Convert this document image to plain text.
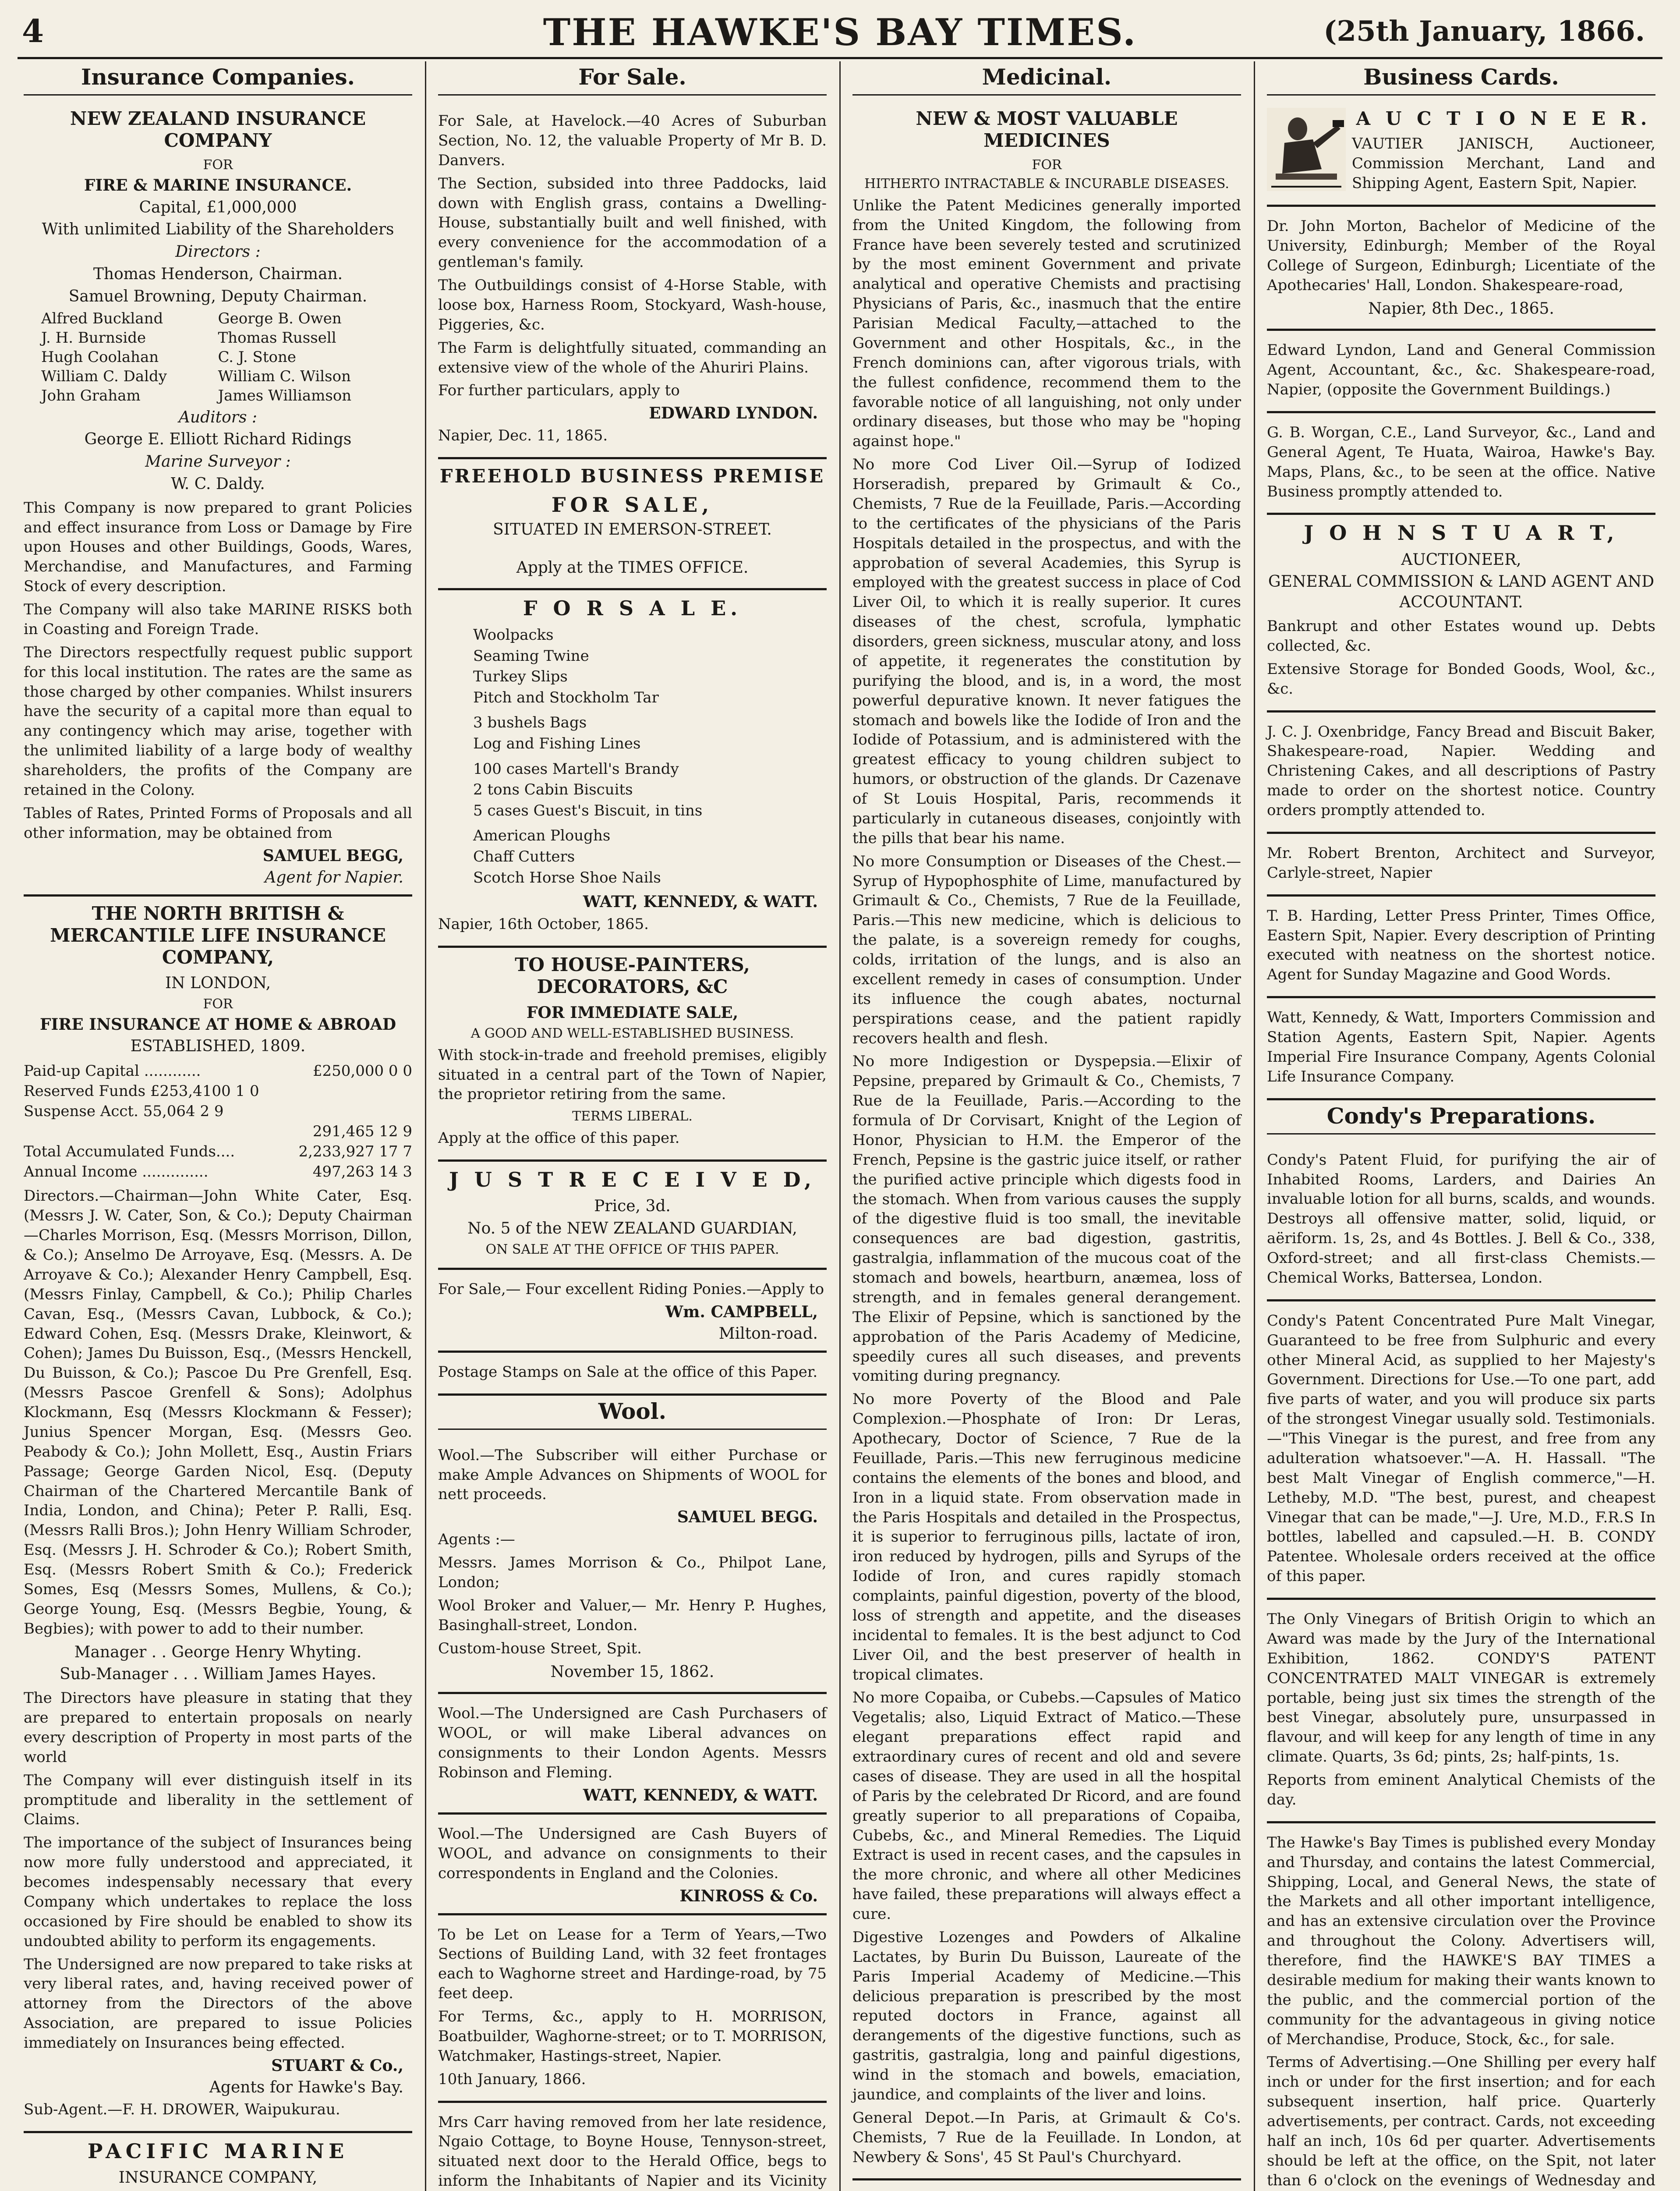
4	THE HAWKE'S BAY TIMES.	(25th January, 1866.
Insurance Companies.
NEW ZEALAND INSURANCE COMPANY
FOR
FIRE & MARINE INSURANCE.
Capital, £1,000,000
With unlimited Liability of the Shareholders
Directors :
Thomas Henderson, Chairman.
Samuel Browning, Deputy Chairman.
Alfred Buckland	George B. Owen
J. H. Burnside	Thomas Russell
Hugh Coolahan	C. J. Stone
William C. Daldy	William C. Wilson
John Graham	James Williamson
Auditors :
George E. Elliott Richard Ridings
Marine Surveyor :
W. C. Daldy.

This Company is now prepared to grant Policies and effect insurance from Loss or Damage by Fire upon Houses and other Buildings, Goods, Wares, Merchandise, and Manufactures, and Farming Stock of every description.

The Company will also take MARINE RISKS both in Coasting and Foreign Trade.

The Directors respectfully request public support for this local institution. The rates are the same as those charged by other companies. Whilst insurers have the security of a capital more than equal to any contingency which may arise, together with the unlimited liability of a large body of wealthy shareholders, the profits of the Company are retained in the Colony.

Tables of Rates, Printed Forms of Proposals and all other information, may be obtained from

SAMUEL BEGG,
Agent for Napier.
THE NORTH BRITISH & MERCANTILE LIFE INSURANCE COMPANY,
IN LONDON,
FOR
FIRE INSURANCE AT HOME & ABROAD
ESTABLISHED, 1809.
Paid-up Capital ............	£250,000 0 0
Reserved Funds £253,4100 1 0
Suspense Acct. 55,064 2 9
291,465 12 9
Total Accumulated Funds....	2,233,927 17 7
Annual Income ..............	497,263 14 3

Directors.—Chairman—John White Cater, Esq. (Messrs J. W. Cater, Son, & Co.); Deputy Chairman—Charles Morrison, Esq. (Messrs Morrison, Dillon, & Co.); Anselmo De Arroyave, Esq. (Messrs. A. De Arroyave & Co.); Alexander Henry Campbell, Esq. (Messrs Finlay, Campbell, & Co.); Philip Charles Cavan, Esq., (Messrs Cavan, Lubbock, & Co.); Edward Cohen, Esq. (Messrs Drake, Kleinwort, & Cohen); James Du Buisson, Esq., (Messrs Henckell, Du Buisson, & Co.); Pascoe Du Pre Grenfell, Esq. (Messrs Pascoe Grenfell & Sons); Adolphus Klockmann, Esq (Messrs Klockmann & Fesser); Junius Spencer Morgan, Esq. (Messrs Geo. Peabody & Co.); John Mollett, Esq., Austin Friars Passage; George Garden Nicol, Esq. (Deputy Chairman of the Chartered Mercantile Bank of India, London, and China); Peter P. Ralli, Esq. (Messrs Ralli Bros.); John Henry William Schroder, Esq. (Messrs J. H. Schroder & Co.); Robert Smith, Esq. (Messrs Robert Smith & Co.); Frederick Somes, Esq (Messrs Somes, Mullens, & Co.); George Young, Esq. (Messrs Begbie, Young, & Begbies); with power to add to their number.

Manager . . George Henry Whyting.
Sub-Manager . . . William James Hayes.

The Directors have pleasure in stating that they are prepared to entertain proposals on nearly every description of Property in most parts of the world

The Company will ever distinguish itself in its promptitude and liberality in the settlement of Claims.

The importance of the subject of Insurances being now more fully understood and appreciated, it becomes indespensably necessary that every Company which undertakes to replace the loss occasioned by Fire should be enabled to show its undoubted ability to perform its engagements.

The Undersigned are now prepared to take risks at very liberal rates, and, having received power of attorney from the Directors of the above Association, are prepared to issue Policies immediately on Insurances being effected.

STUART & Co.,
Agents for Hawke's Bay.
Sub-Agent.—F. H. DROWER, Waipukurau.
PACIFIC MARINE
INSURANCE COMPANY,

For Sale.

For Sale, at Havelock.—40 Acres of Suburban Section, No. 12, the valuable Property of Mr B. D. Danvers.

The Section, subsided into three Paddocks, laid down with English grass, contains a Dwelling-House, substantially built and well finished, with every convenience for the accommodation of a gentleman's family.

The Outbuildings consist of 4-Horse Stable, with loose box, Harness Room, Stockyard, Wash-house, Piggeries, &c.

The Farm is delightfully situated, commanding an extensive view of the whole of the Ahuriri Plains.

For further particulars, apply to

EDWARD LYNDON.
Napier, Dec. 11, 1865.
FREEHOLD BUSINESS PREMISE
FOR SALE,
SITUATED IN EMERSON-STREET.
Apply at the TIMES OFFICE.
F O R S A L E.
Woolpacks
Seaming Twine
Turkey Slips
Pitch and Stockholm Tar
3 bushels Bags
Log and Fishing Lines
100 cases Martell's Brandy
2 tons Cabin Biscuits
5 cases Guest's Biscuit, in tins
American Ploughs
Chaff Cutters
Scotch Horse Shoe Nails
WATT, KENNEDY, & WATT.
Napier, 16th October, 1865.
TO HOUSE-PAINTERS, DECORATORS, &C
FOR IMMEDIATE SALE,
A GOOD AND WELL-ESTABLISHED BUSINESS.

With stock-in-trade and freehold premises, eligibly situated in a central part of the Town of Napier, the proprietor retiring from the same.

TERMS LIBERAL.
Apply at the office of this paper.
J U S T R E C E I V E D,
Price, 3d.
No. 5 of the NEW ZEALAND GUARDIAN,
ON SALE AT THE OFFICE OF THIS PAPER.

For Sale,— Four excellent Riding Ponies.—Apply to

Wm. CAMPBELL,
Milton-road.

Postage Stamps on Sale at the office of this Paper.

Wool.

Wool.—The Subscriber will either Purchase or make Ample Advances on Shipments of WOOL for nett proceeds.

SAMUEL BEGG.
Agents :—
Messrs. James Morrison & Co., Philpot Lane, London;
Wool Broker and Valuer,— Mr. Henry P. Hughes, Basinghall-street, London.
Custom-house Street, Spit.
November 15, 1862.

Wool.—The Undersigned are Cash Purchasers of WOOL, or will make Liberal advances on consignments to their London Agents. Messrs Robinson and Fleming.

WATT, KENNEDY, & WATT.

Wool.—The Undersigned are Cash Buyers of WOOL, and advance on consignments to their correspondents in England and the Colonies.

KINROSS & Co.

To be Let on Lease for a Term of Years,—Two Sections of Building Land, with 32 feet frontages each to Waghorne street and Hardinge-road, by 75 feet deep.

For Terms, &c., apply to H. MORRISON, Boatbuilder, Waghorne-street; or to T. MORRISON, Watchmaker, Hastings-street, Napier.

10th January, 1866.

Mrs Carr having removed from her late residence, Ngaio Cottage, to Boyne House, Tennyson-street, situated next door to the Herald Office, begs to inform the Inhabitants of Napier and its Vicinity

Medicinal.
NEW & MOST VALUABLE MEDICINES
FOR
HITHERTO INTRACTABLE & INCURABLE DISEASES.

Unlike the Patent Medicines generally imported from the United Kingdom, the following from France have been severely tested and scrutinized by the most eminent Government and private analytical and operative Chemists and practising Physicians of Paris, &c., inasmuch that the entire Parisian Medical Faculty,—attached to the Government and other Hospitals, &c., in the French dominions can, after vigorous trials, with the fullest confidence, recommend them to the favorable notice of all languishing, not only under ordinary diseases, but those who may be "hoping against hope."

No more Cod Liver Oil.—Syrup of Iodized Horseradish, prepared by Grimault & Co., Chemists, 7 Rue de la Feuillade, Paris.—According to the certificates of the physicians of the Paris Hospitals detailed in the prospectus, and with the approbation of several Academies, this Syrup is employed with the greatest success in place of Cod Liver Oil, to which it is really superior. It cures diseases of the chest, scrofula, lymphatic disorders, green sickness, muscular atony, and loss of appetite, it regenerates the constitution by purifying the blood, and is, in a word, the most powerful depurative known. It never fatigues the stomach and bowels like the Iodide of Iron and the Iodide of Potassium, and is administered with the greatest efficacy to young children subject to humors, or obstruction of the glands. Dr Cazenave of St Louis Hospital, Paris, recommends it particularly in cutaneous diseases, conjointly with the pills that bear his name.

No more Consumption or Diseases of the Chest.—Syrup of Hypophosphite of Lime, manufactured by Grimault & Co., Chemists, 7 Rue de la Feuillade, Paris.—This new medicine, which is delicious to the palate, is a sovereign remedy for coughs, colds, irritation of the lungs, and is also an excellent remedy in cases of consumption. Under its influence the cough abates, nocturnal perspirations cease, and the patient rapidly recovers health and flesh.

No more Indigestion or Dyspepsia.—Elixir of Pepsine, prepared by Grimault & Co., Chemists, 7 Rue de la Feuillade, Paris.—According to the formula of Dr Corvisart, Knight of the Legion of Honor, Physician to H.M. the Emperor of the French, Pepsine is the gastric juice itself, or rather the purified active principle which digests food in the stomach. When from various causes the supply of the digestive fluid is too small, the inevitable consequences are bad digestion, gastritis, gastralgia, inflammation of the mucous coat of the stomach and bowels, heartburn, anæmea, loss of strength, and in females general derangement. The Elixir of Pepsine, which is sanctioned by the approbation of the Paris Academy of Medicine, speedily cures all such diseases, and prevents vomiting during pregnancy.

No more Poverty of the Blood and Pale Complexion.—Phosphate of Iron: Dr Leras, Apothecary, Doctor of Science, 7 Rue de la Feuillade, Paris.—This new ferruginous medicine contains the elements of the bones and blood, and Iron in a liquid state. From observation made in the Paris Hospitals and detailed in the Prospectus, it is superior to ferruginous pills, lactate of iron, iron reduced by hydrogen, pills and Syrups of the Iodide of Iron, and cures rapidly stomach complaints, painful digestion, poverty of the blood, loss of strength and appetite, and the diseases incidental to females. It is the best adjunct to Cod Liver Oil, and the best preserver of health in tropical climates.

No more Copaiba, or Cubebs.—Capsules of Matico Vegetalis; also, Liquid Extract of Matico.—These elegant preparations effect rapid and extraordinary cures of recent and old and severe cases of disease. They are used in all the hospital of Paris by the celebrated Dr Ricord, and are found greatly superior to all preparations of Copaiba, Cubebs, &c., and Mineral Remedies. The Liquid Extract is used in recent cases, and the capsules in the more chronic, and where all other Medicines have failed, these preparations will always effect a cure.

Digestive Lozenges and Powders of Alkaline Lactates, by Burin Du Buisson, Laureate of the Paris Imperial Academy of Medicine.—This delicious preparation is prescribed by the most reputed doctors in France, against all derangements of the digestive functions, such as gastritis, gastralgia, long and painful digestions, wind in the stomach and bowels, emaciation, jaundice, and complaints of the liver and loins.

General Depot.—In Paris, at Grimault & Co's. Chemists, 7 Rue de la Feuillade. In London, at Newbery & Sons', 45 St Paul's Churchyard.

Business Cards.
A U C T I O N E E R.

VAUTIER JANISCH, Auctioneer, Commission Merchant, Land and Shipping Agent, Eastern Spit, Napier.

Dr. John Morton, Bachelor of Medicine of the University, Edinburgh; Member of the Royal College of Surgeon, Edinburgh; Licentiate of the Apothecaries' Hall, London. Shakespeare-road,

Napier, 8th Dec., 1865.

Edward Lyndon, Land and General Commission Agent, Accountant, &c., &c. Shakespeare-road, Napier, (opposite the Government Buildings.)

G. B. Worgan, C.E., Land Surveyor, &c., Land and General Agent, Te Huata, Wairoa, Hawke's Bay. Maps, Plans, &c., to be seen at the office. Native Business promptly attended to.

J O H N S T U A R T,
AUCTIONEER,
GENERAL COMMISSION & LAND AGENT AND ACCOUNTANT.

Bankrupt and other Estates wound up. Debts collected, &c.

Extensive Storage for Bonded Goods, Wool, &c., &c.

J. C. J. Oxenbridge, Fancy Bread and Biscuit Baker, Shakespeare-road, Napier. Wedding and Christening Cakes, and all descriptions of Pastry made to order on the shortest notice. Country orders promptly attended to.

Mr. Robert Brenton, Architect and Surveyor, Carlyle-street, Napier

T. B. Harding, Letter Press Printer, Times Office, Eastern Spit, Napier. Every description of Printing executed with neatness on the shortest notice. Agent for Sunday Magazine and Good Words.

Watt, Kennedy, & Watt, Importers Commission and Station Agents, Eastern Spit, Napier. Agents Imperial Fire Insurance Company, Agents Colonial Life Insurance Company.

Condy's Preparations.

Condy's Patent Fluid, for purifying the air of Inhabited Rooms, Larders, and Dairies An invaluable lotion for all burns, scalds, and wounds. Destroys all offensive matter, solid, liquid, or aëriform. 1s, 2s, and 4s Bottles. J. Bell & Co., 338, Oxford-street; and all first-class Chemists.—Chemical Works, Battersea, London.

Condy's Patent Concentrated Pure Malt Vinegar, Guaranteed to be free from Sulphuric and every other Mineral Acid, as supplied to her Majesty's Government. Directions for Use.—To one part, add five parts of water, and you will produce six parts of the strongest Vinegar usually sold. Testimonials.—"This Vinegar is the purest, and free from any adulteration whatsoever."—A. H. Hassall. "The best Malt Vinegar of English commerce,"—H. Letheby, M.D. "The best, purest, and cheapest Vinegar that can be made,"—J. Ure, M.D., F.R.S In bottles, labelled and capsuled.—H. B. CONDY Patentee. Wholesale orders received at the office of this paper.

The Only Vinegars of British Origin to which an Award was made by the Jury of the International Exhibition, 1862. CONDY'S PATENT CONCENTRATED MALT VINEGAR is extremely portable, being just six times the strength of the best Vinegar, absolutely pure, unsurpassed in flavour, and will keep for any length of time in any climate. Quarts, 3s 6d; pints, 2s; half-pints, 1s.

Reports from eminent Analytical Chemists of the day.

The Hawke's Bay Times is published every Monday and Thursday, and contains the latest Commercial, Shipping, Local, and General News, the state of the Markets and all other important intelligence, and has an extensive circulation over the Province and throughout the Colony. Advertisers will, therefore, find the HAWKE'S BAY TIMES a desirable medium for making their wants known to the public, and the commercial portion of the community for the advantageous in giving notice of Merchandise, Produce, Stock, &c., for sale.

Terms of Advertising.—One Shilling per every half inch or under for the first insertion; and for each subsequent insertion, half price. Quarterly advertisements, per contract. Cards, not exceeding half an inch, 10s 6d per quarter. Advertisements should be left at the office, on the Spit, not later than 6 o'clock on the evenings of Wednesday and
